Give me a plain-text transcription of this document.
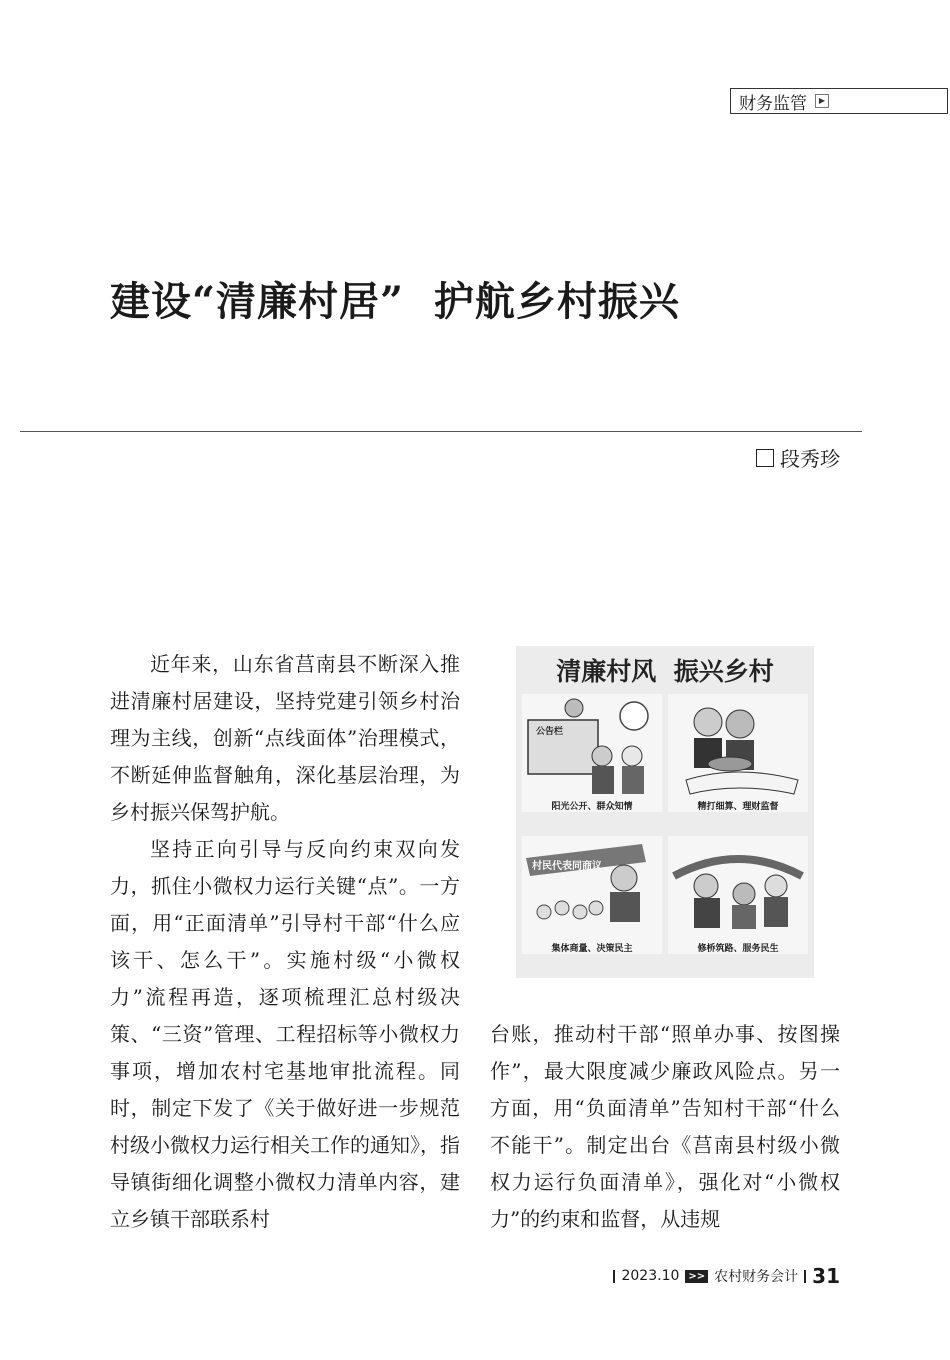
财务监管	▶
建设“清廉村居”  护航乡村振兴
段秀珍

近年来，山东省莒南县不断深入推进清廉村居建设，坚持党建引领乡村治理为主线，创新“点线面体”治理模式，不断延伸监督触角，深化基层治理，为乡村振兴保驾护航。

坚持正向引导与反向约束双向发力，抓住小微权力运行关键“点”。一方面，用“正面清单”引导村干部“什么应该干、怎么干”。实施村级“小微权力”流程再造，逐项梳理汇总村级决策、“三资”管理、工程招标等小微权力事项，增加农村宅基地审批流程。同时，制定下发了《关于做好进一步规范村级小微权力运行相关工作的通知》，指导镇街细化调整小微权力清单内容，建立乡镇干部联系村

清廉村风  振兴乡村
公告栏
阳光公开、群众知情	精打细算、理财监督
村民代表同商议
集体商量、决策民主	修桥筑路、服务民生

台账，推动村干部“照单办事、按图操作”，最大限度减少廉政风险点。另一方面，用“负面清单”告知村干部“什么不能干”。制定出台《莒南县村级小微权力运行负面清单》，强化对“小微权力”的约束和监督，从违规

2023.10 >> 农村财务会计 31
